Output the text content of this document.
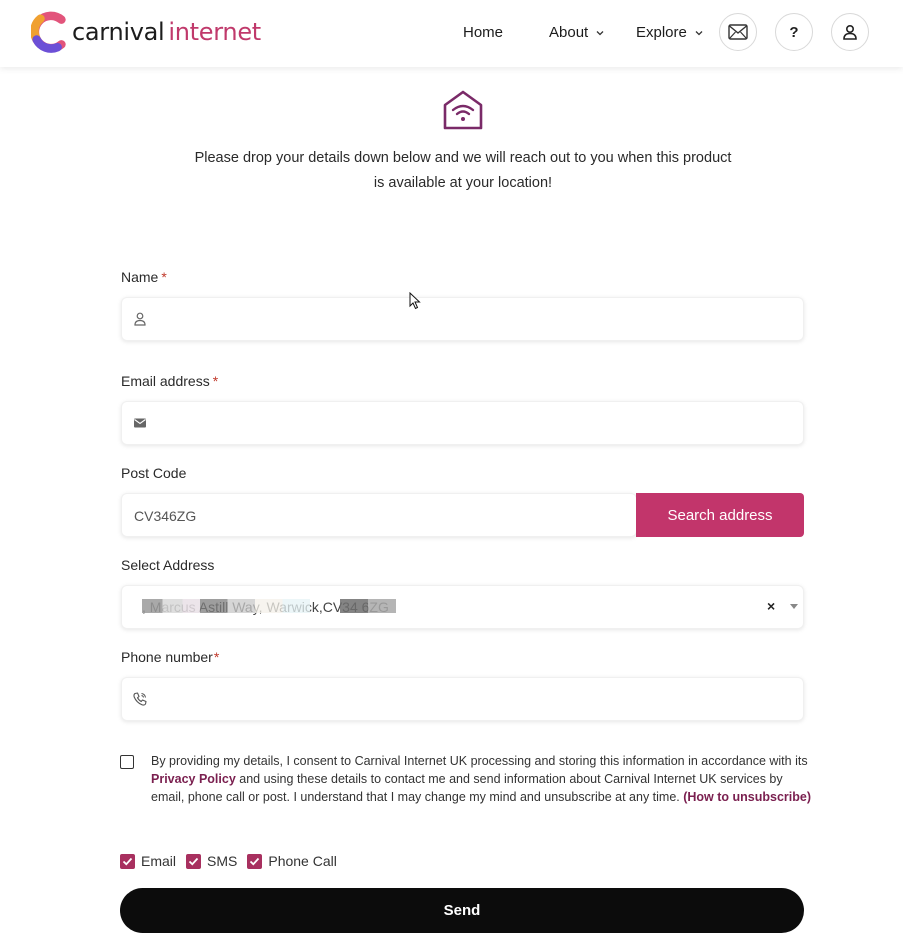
carnival internet	Home	About	Explore	?
Please drop your details down below and we will reach out to you when this product
is available at your location!
Name *
Email address *
Post Code
CV346ZG
Search address
Select Address
Warwick,CV34	×
Phone number*
By providing my details, I consent to Carnival Internet UK processing and storing this information in accordance with its Privacy Policy and using these details to contact me and send information about Carnival Internet UK services by email, phone call or post. I understand that I may change my mind and unsubscribe at any time. (How to unsubscribe)
Email SMS Phone Call
Send
